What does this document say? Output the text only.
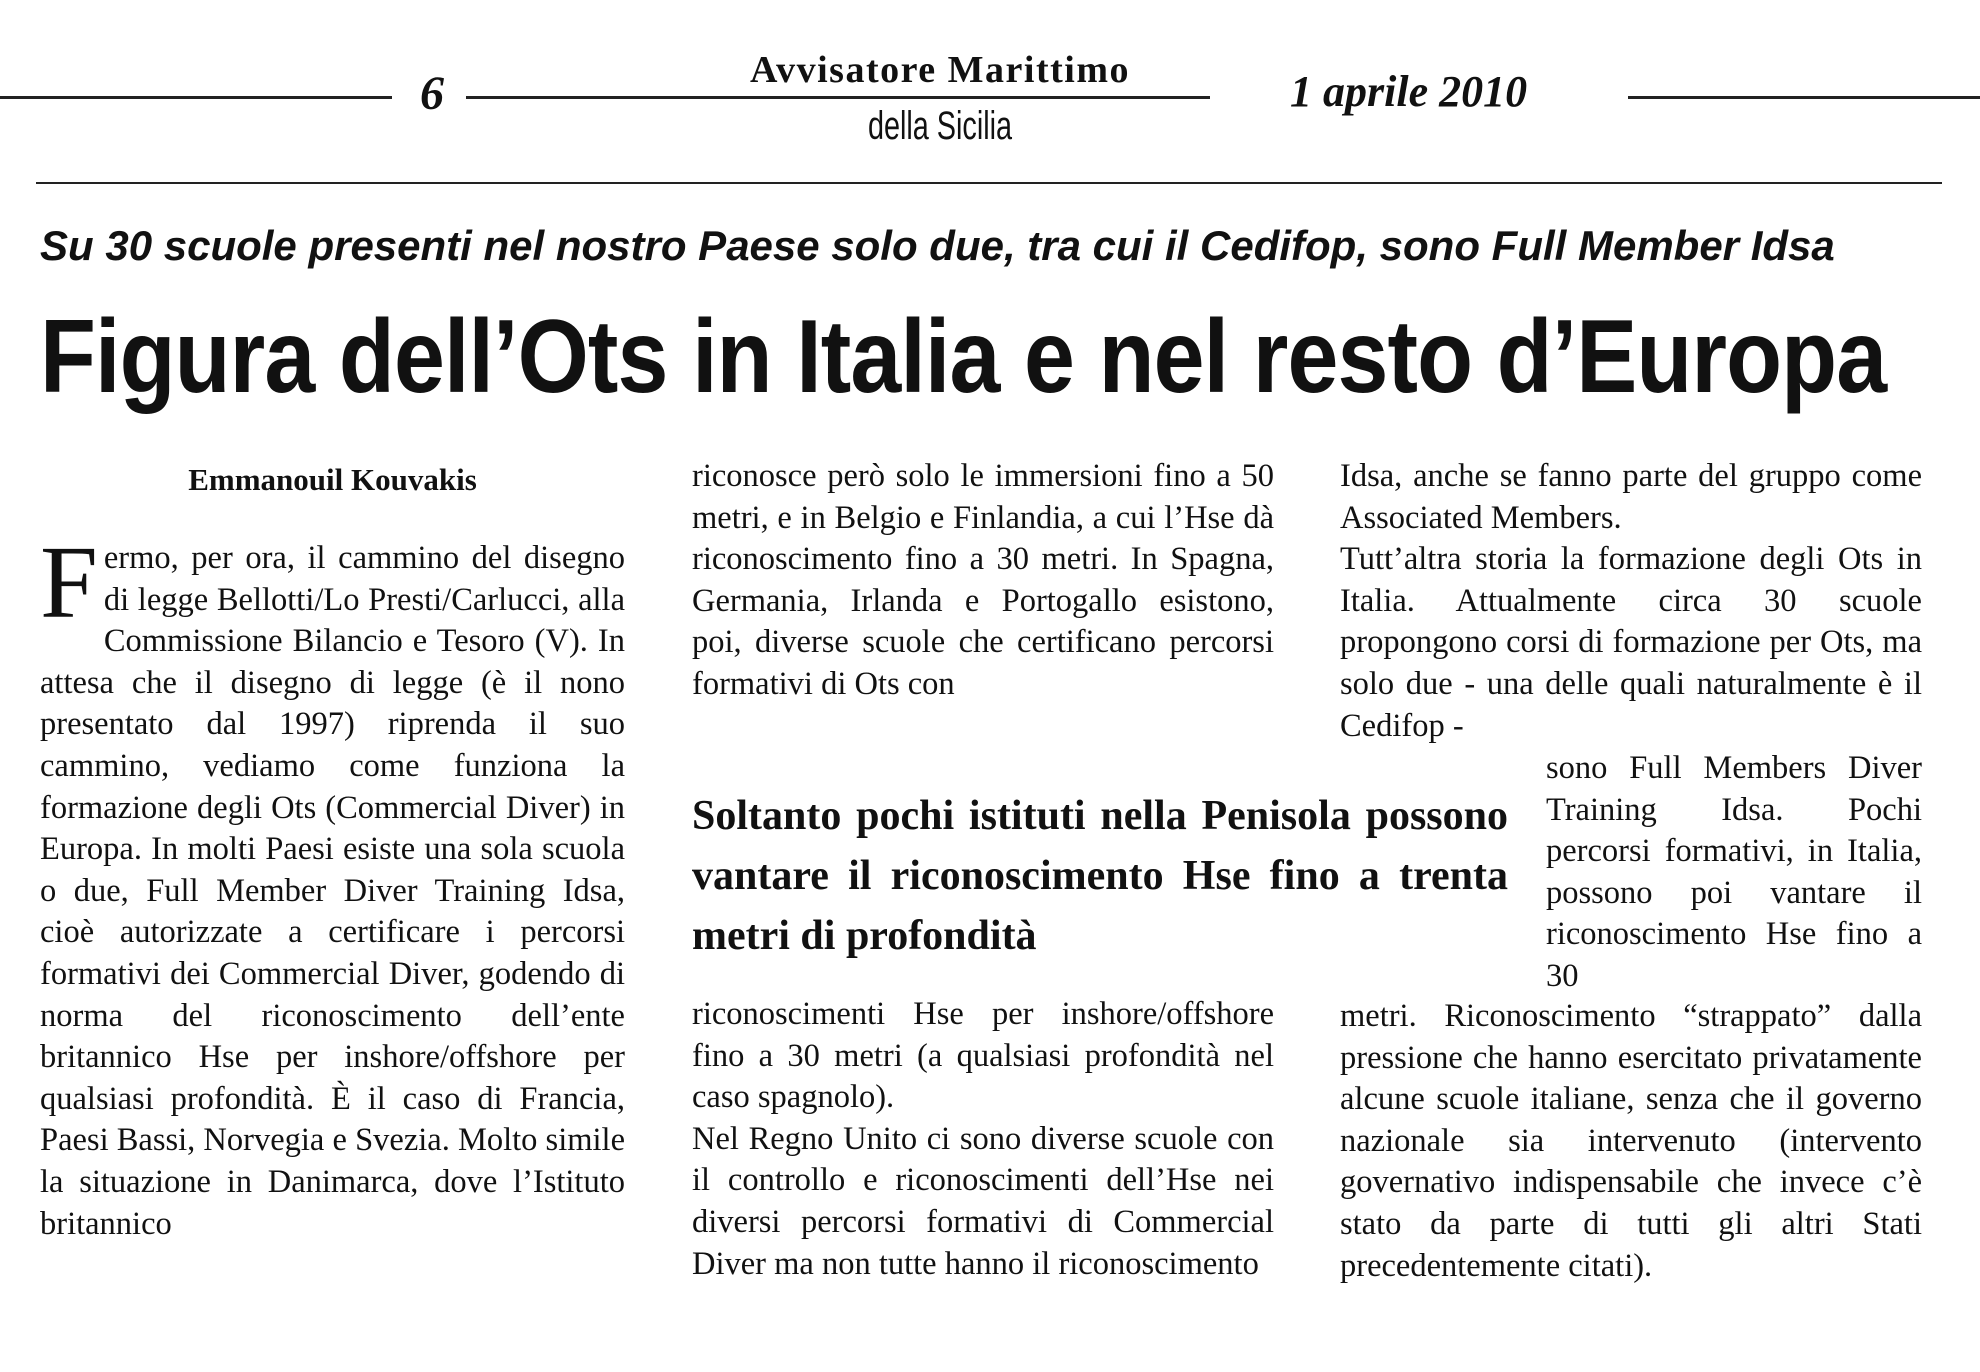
6	Avvisatore Marittimo
della Sicilia
1 aprile 2010
Su 30 scuole presenti nel nostro Paese solo due, tra cui il Cedifop, sono Full Member Idsa
Figura dell’Ots in Italia e nel resto d’Europa
Emmanouil Kouvakis

Fermo, per ora, il cammino del disegno di legge Bellotti/Lo Presti/Carlucci, alla Commissione Bilancio e Tesoro (V). In attesa che il disegno di legge (è il nono presentato dal 1997) riprenda il suo cammino, vediamo come funziona la formazione degli Ots (Commercial Diver) in Europa. In molti Paesi esiste una sola scuola o due, Full Member Diver Training Idsa, cioè autorizzate a certificare i percorsi formativi dei Commercial Diver, godendo di norma del riconoscimento dell’ente britannico Hse per inshore/offshore per qualsiasi profondità. È il caso di Francia, Paesi Bassi, Norvegia e Svezia. Molto simile la situazione in Danimarca, dove l’Istituto britannico

riconosce però solo le immersioni fino a 50 metri, e in Belgio e Finlandia, a cui l’Hse dà riconoscimento fino a 30 metri. In Spagna, Germania, Irlanda e Portogallo esistono, poi, diverse scuole che certificano percorsi formativi di Ots con

Soltanto pochi istituti nella Penisola possono vantare il riconoscimento Hse fino a trenta metri di profondità

riconoscimenti Hse per inshore/offshore fino a 30 metri (a qualsiasi profondità nel caso spagnolo).

Nel Regno Unito ci sono diverse scuole con il controllo e riconoscimenti dell’Hse nei diversi percorsi formativi di Commercial Diver ma non tutte hanno il riconoscimento

Idsa, anche se fanno parte del gruppo come Associated Members.

Tutt’altra storia la formazione degli Ots in Italia. Attualmente circa 30 scuole propongono corsi di formazione per Ots, ma solo due - una delle quali naturalmente è il Cedifop -

sono Full Members Diver Training Idsa. Pochi percorsi formativi, in Italia, possono poi vantare il riconoscimento Hse fino a 30

metri. Riconoscimento “strappato” dalla pressione che hanno esercitato privatamente alcune scuole italiane, senza che il governo nazionale sia intervenuto (intervento governativo indispensabile che invece c’è stato da parte di tutti gli altri Stati precedentemente citati).
